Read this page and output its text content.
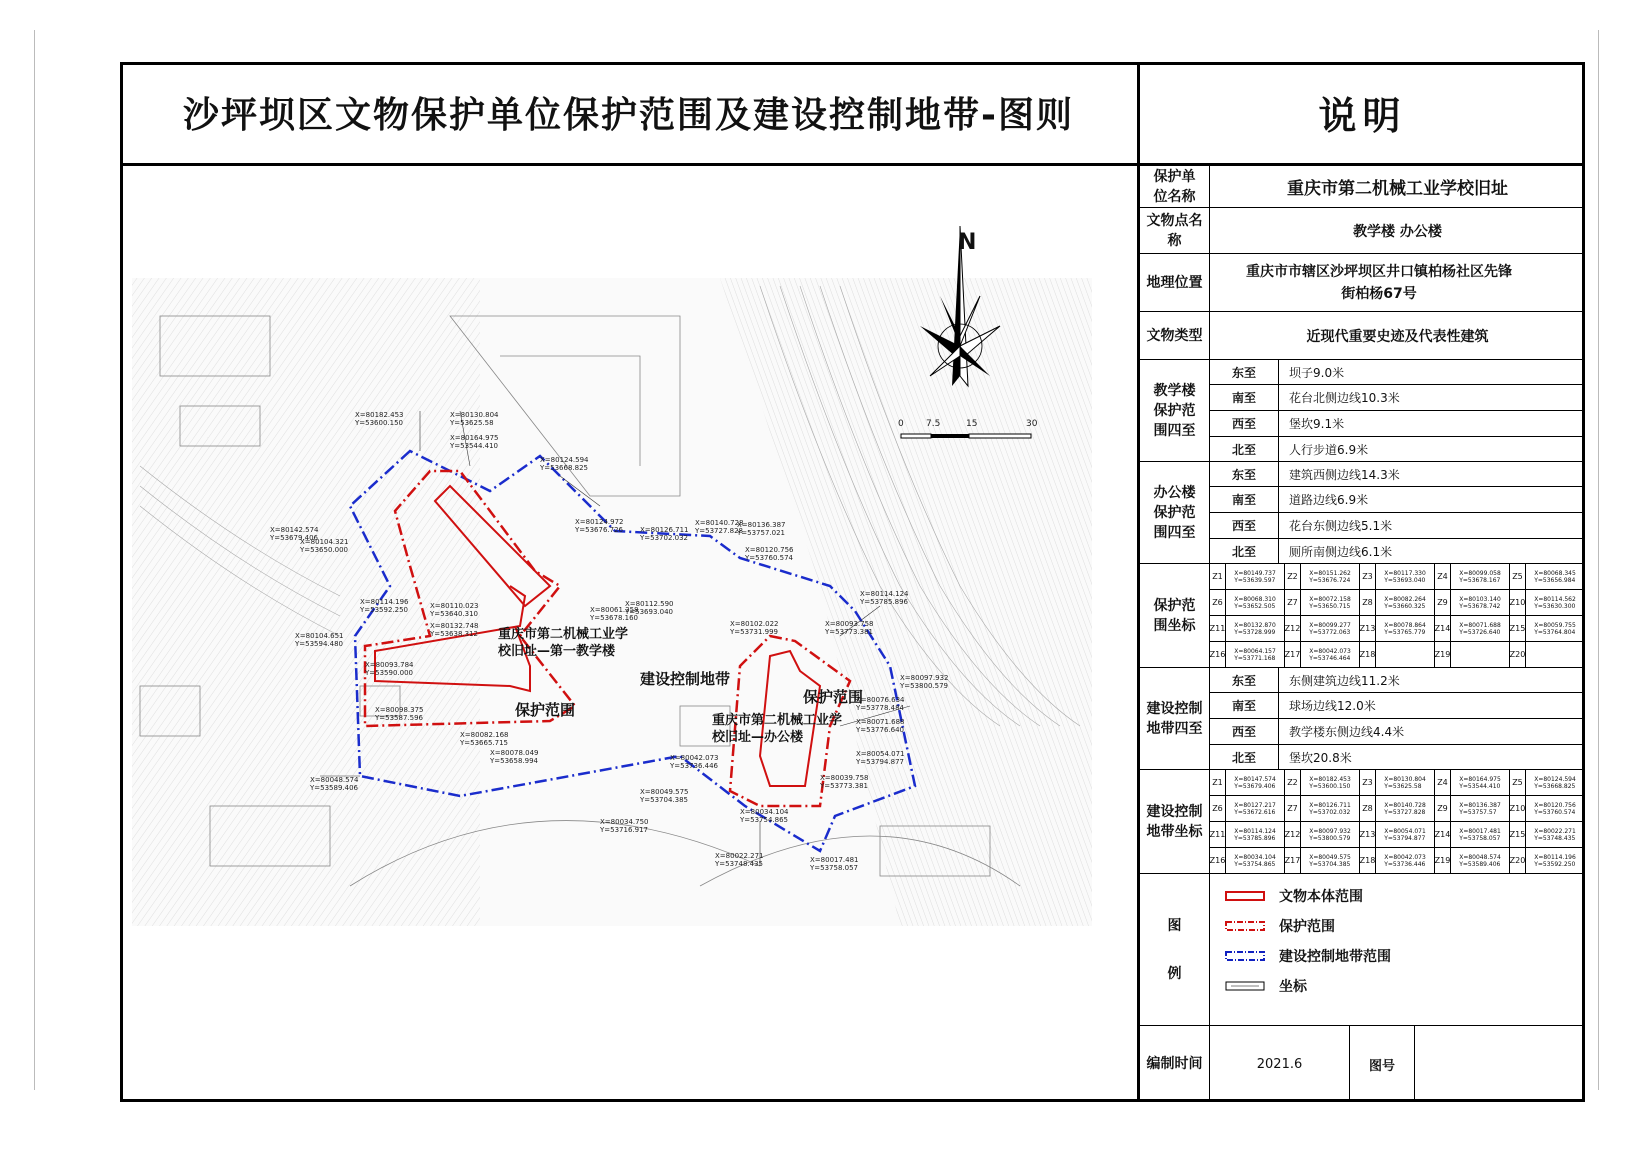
沙坪坝区文物保护单位保护范围及建设控制地带-图则	说明
N
0 7.5	15	30
重庆市第二机械工业学
校旧址—第一教学楼
保护范围
建设控制地带
重庆市第二机械工业学
校旧址—办公楼
保护范围
X=80182.453
Y=53600.150
X=80130.804
Y=53625.58
X=80164.975
Y=53544.410
X=80124.594
Y=53668.825
X=80142.574
Y=53679.406
X=80104.321
Y=53650.000
X=80114.196
Y=53592.250	X=80110.023
Y=53640.310
X=80132.748
Y=53638.312
X=80104.651
Y=53594.480
X=80093.784
Y=53590.000
X=80098.375
Y=53587.596
X=80124.972
Y=53676.726 X=80126.711
Y=53702.032
X=80112.590
Y=53693.040
X=80140.728
Y=53727.828
X=80136.387
Y=53757.021
X=80120.756
Y=53760.574
X=80102.022
Y=53731.999
X=80114.124
Y=53785.896
X=80093.758
Y=53773.381
X=80097.932
Y=53800.579
X=80076.634
Y=53778.484
X=80071.688
Y=53776.640
X=80054.071
Y=53794.877
X=80039.758
Y=53773.381
X=80061.358
Y=53678.160
X=80082.168
Y=53665.715
X=80078.049
Y=53658.994	X=80042.073
Y=53736.446
X=80049.575
Y=53704.385
X=80034.750
Y=53716.917
X=80034.104
Y=53754.865
X=80022.271
Y=53748.435	X=80017.481
Y=53758.057
X=80048.574
Y=53589.406
保护单
位名称	重庆市第二机械工业学校旧址
文物点名称
教学楼 办公楼
地理位置
重庆市市辖区沙坪坝区井口镇柏杨社区先锋
街柏杨67号
文物类型	近现代重要史迹及代表性建筑
教学楼
保护范
围四至
东至	坝子9.0米
南至	花台北侧边线10.3米
西至	堡坎9.1米
北至	人行步道6.9米
办公楼
保护范
围四至
东至	建筑西侧边线14.3米
南至	道路边线6.9米
西至	花台东侧边线5.1米
北至	厕所南侧边线6.1米
保护范
围坐标
Z1	X=80149.737
Y=53639.597	Z2	X=80151.262
Y=53676.724	Z3	X=80117.330
Y=53693.040	Z4	X=80099.058
Y=53678.167	Z5	X=80068.345
Y=53656.984
Z6	X=80068.310
Y=53652.505	Z7	X=80072.158
Y=53650.715	Z8	X=80082.264
Y=53660.325	Z9	X=80103.140
Y=53678.742	Z10	X=80114.562
Y=53630.300
Z11	X=80132.870
Y=53728.999	Z12	X=80099.277
Y=53772.063	Z13	X=80078.864
Y=53765.779	Z14	X=80071.688
Y=53726.640	Z15	X=80059.755
Y=53764.804
Z16	X=80064.157
Y=53771.168	Z17	X=80042.073
Y=53746.464	Z18	Z19	Z20
建设控制
地带四至
东至	东侧建筑边线11.2米
南至	球场边线12.0米
西至	教学楼东侧边线4.4米
北至	堡坎20.8米
建设控制
地带坐标
Z1	X=80147.574
Y=53679.406	Z2	X=80182.453
Y=53600.150	Z3	X=80130.804
Y=53625.58	Z4	X=80164.975
Y=53544.410	Z5	X=80124.594
Y=53668.825
Z6	X=80127.217
Y=53672.616	Z7	X=80126.711
Y=53702.032	Z8	X=80140.728
Y=53727.828	Z9	X=80136.387
Y=53757.57	Z10	X=80120.756
Y=53760.574
Z11	X=80114.124
Y=53785.896	Z12	X=80097.932
Y=53800.579	Z13	X=80054.071
Y=53794.877	Z14	X=80017.481
Y=53758.057	Z15	X=80022.271
Y=53748.435
Z16	X=80034.104
Y=53754.865	Z17	X=80049.575
Y=53704.385	Z18	X=80042.073
Y=53736.446	Z19	X=80048.574
Y=53589.406	Z20	X=80114.196
Y=53592.250
图

例
文物本体范围
保护范围
建设控制地带范围
坐标
编制时间	2021.6	图号
